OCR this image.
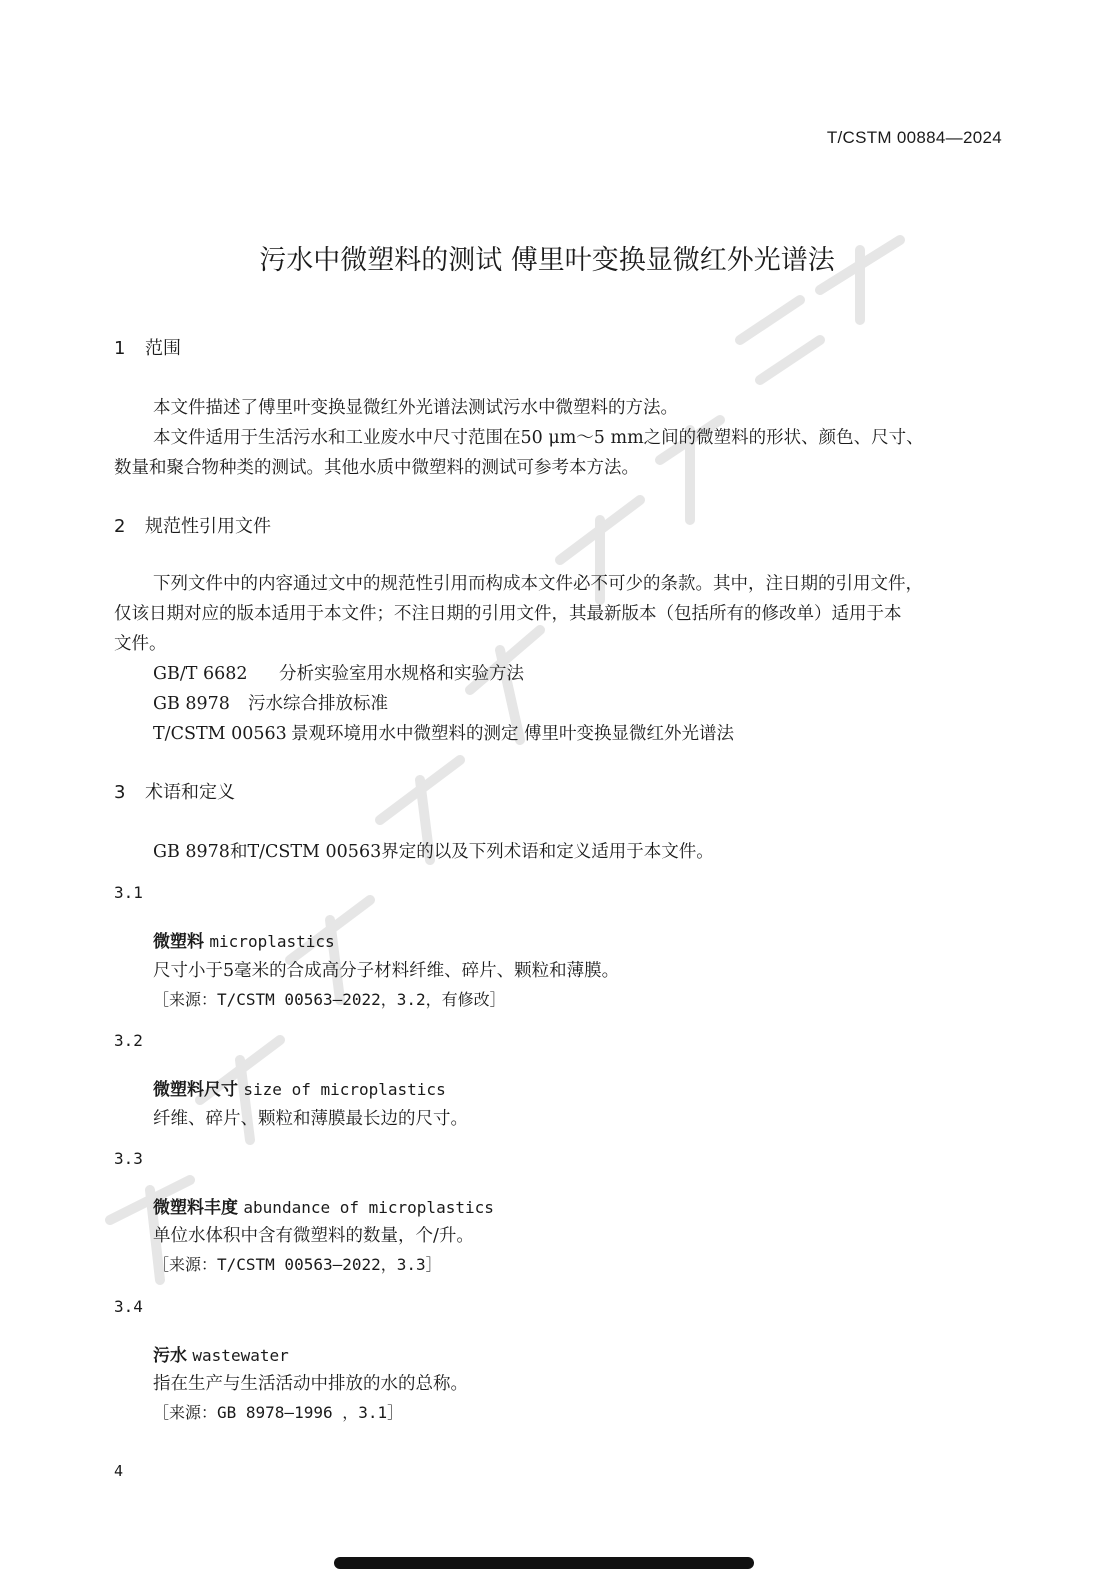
T/CSTM 00884—2024
污水中微塑料的测试 傅里叶变换显微红外光谱法
1 范围
本文件描述了傅里叶变换显微红外光谱法测试污水中微塑料的方法。
本文件适用于生活污水和工业废水中尺寸范围在50 μm～5 mm之间的微塑料的形状、颜色、尺寸、
数量和聚合物种类的测试。其他水质中微塑料的测试可参考本方法。
2 规范性引用文件
下列文件中的内容通过文中的规范性引用而构成本文件必不可少的条款。其中，注日期的引用文件，
仅该日期对应的版本适用于本文件；不注日期的引用文件，其最新版本（包括所有的修改单）适用于本
文件。
GB/T 6682 分析实验室用水规格和实验方法
GB 8978 污水综合排放标准
T/CSTM 00563 景观环境用水中微塑料的测定 傅里叶变换显微红外光谱法
3 术语和定义
GB 8978和T/CSTM 00563界定的以及下列术语和定义适用于本文件。
3.1
微塑料 microplastics
尺寸小于5毫米的合成高分子材料纤维、碎片、颗粒和薄膜。
［来源：T/CSTM 00563—2022，3.2，有修改］
3.2
微塑料尺寸 size of microplastics
纤维、碎片、颗粒和薄膜最长边的尺寸。
3.3
微塑料丰度 abundance of microplastics
单位水体积中含有微塑料的数量，个/升。
［来源：T/CSTM 00563—2022，3.3］
3.4
污水 wastewater
指在生产与生活活动中排放的水的总称。
［来源：GB 8978—1996 ，3.1］
4
